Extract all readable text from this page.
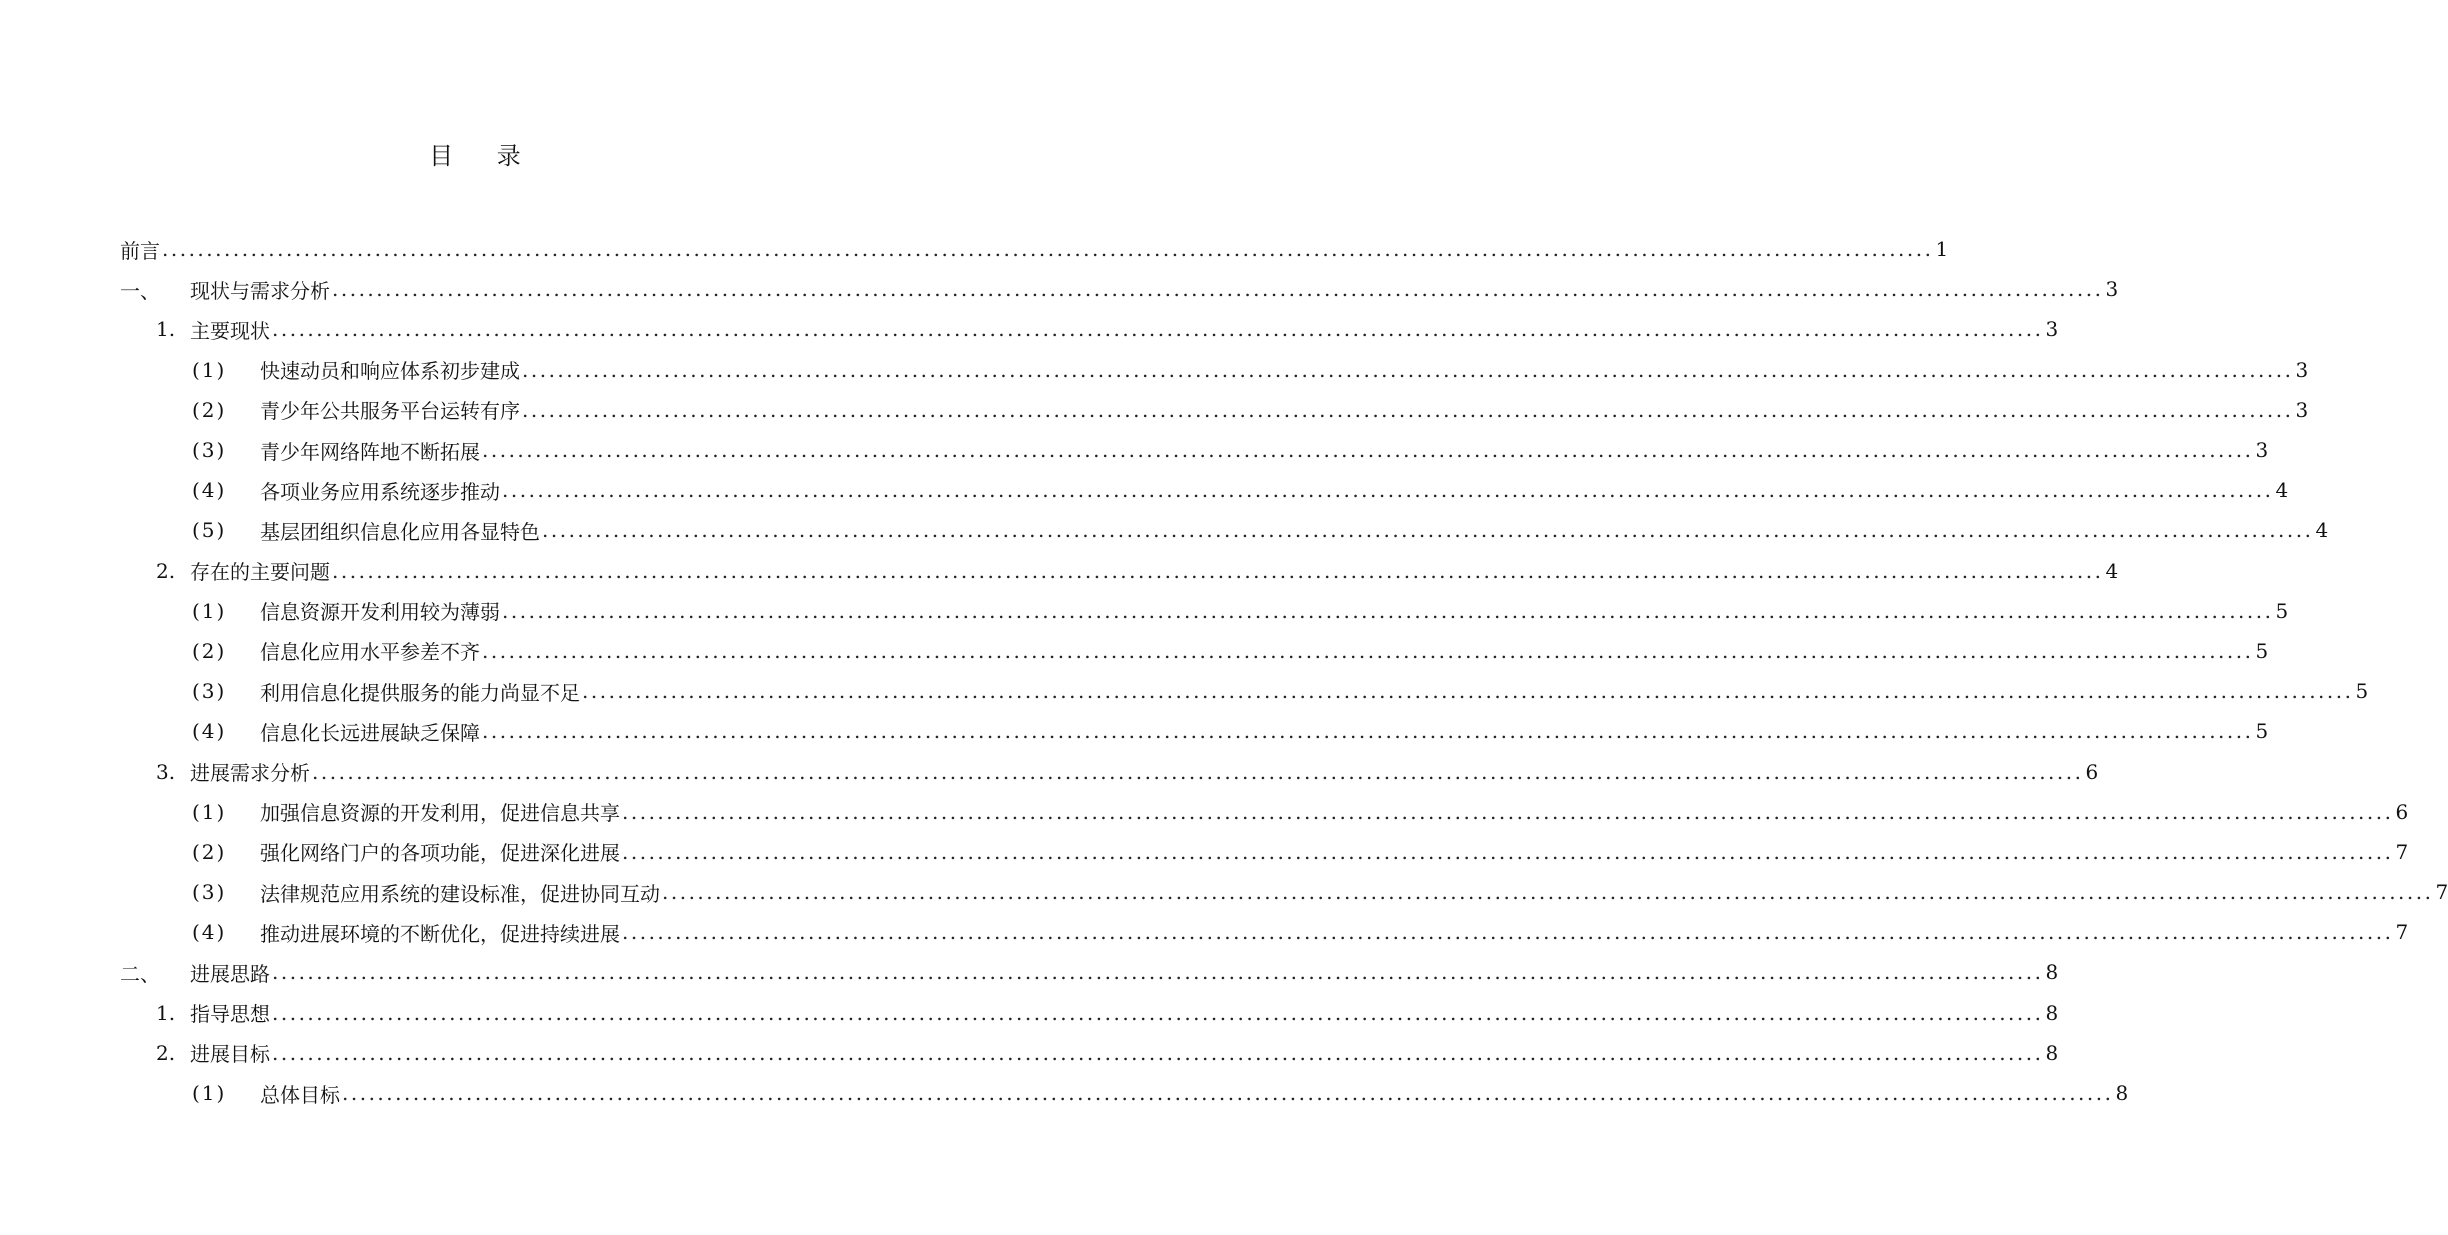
目 录
前言 ........................................................................................................................................................................................................ 1
一、	现状与需求分析 ........................................................................................................................................................................................................ 3
1. 主要现状 ........................................................................................................................................................................................................ 3
(1)	快速动员和响应体系初步建成 ........................................................................................................................................................................................................ 3
(2)	青少年公共服务平台运转有序 ........................................................................................................................................................................................................ 3
(3)	青少年网络阵地不断拓展 ........................................................................................................................................................................................................ 3
(4)	各项业务应用系统逐步推动 ........................................................................................................................................................................................................ 4
(5)	基层团组织信息化应用各显特色 ........................................................................................................................................................................................................ 4
2. 存在的主要问题 ........................................................................................................................................................................................................ 4
(1)	信息资源开发利用较为薄弱 ........................................................................................................................................................................................................ 5
(2)	信息化应用水平参差不齐 ........................................................................................................................................................................................................ 5
(3)	利用信息化提供服务的能力尚显不足 ........................................................................................................................................................................................................ 5
(4)	信息化长远进展缺乏保障 ........................................................................................................................................................................................................ 5
3. 进展需求分析 ........................................................................................................................................................................................................ 6
(1)	加强信息资源的开发利用，促进信息共享 ........................................................................................................................................................................................................ 6
(2)	强化网络门户的各项功能，促进深化进展 ........................................................................................................................................................................................................ 7
(3)	法律规范应用系统的建设标准，促进协同互动 ........................................................................................................................................................................................................ 7
(4)	推动进展环境的不断优化，促进持续进展 ........................................................................................................................................................................................................ 7
二、	进展思路 ........................................................................................................................................................................................................ 8
1. 指导思想 ........................................................................................................................................................................................................ 8
2. 进展目标 ........................................................................................................................................................................................................ 8
(1)	总体目标 ........................................................................................................................................................................................................ 8
